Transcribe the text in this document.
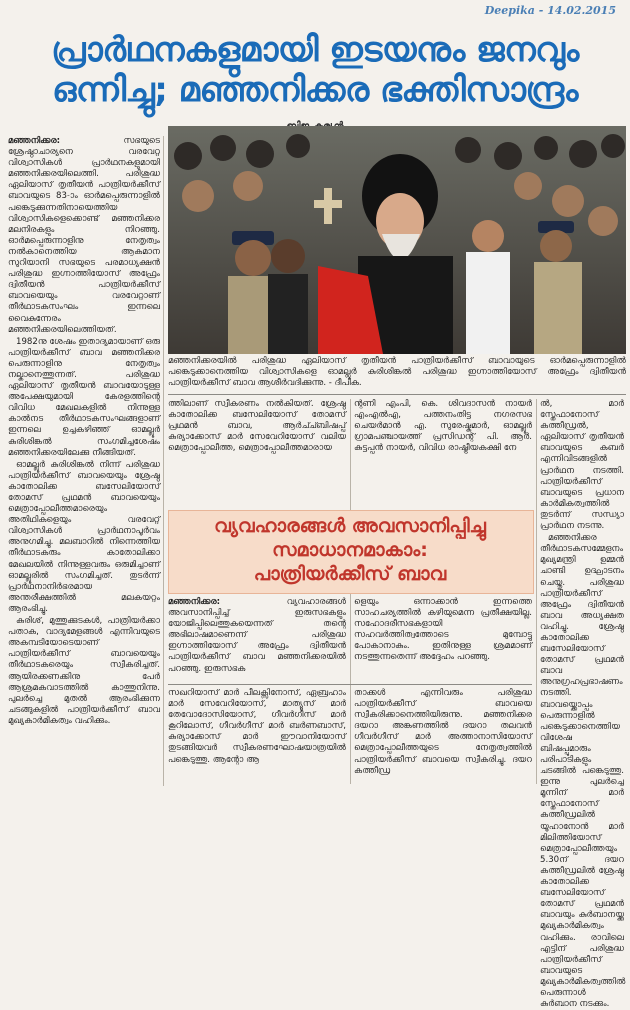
Deepika - 14.02.2015
പ്രാർഥനകളുമായി ഇടയനും ജനവും
ഒന്നിച്ചു; മഞ്ഞനിക്കര ഭക്തിസാന്ദ്രം

മഞ്ഞനിക്കര: സഭയുടെ ശ്രേഷ്ഠാചാര്യനെ വരവേറ്റ വിശ്വാസികൾ പ്രാർഥനകളുമായി മഞ്ഞനിക്കരയിലെത്തി. പരിശുദ്ധ ഏലിയാസ് തൃതീയൻ പാത്രിയർക്കീസ് ബാവയുടെ 83-ാം ഓർമപ്പെരുന്നാളിൽ പങ്കെടുക്കുന്നതിനായെത്തിയ വിശ്വാസികളെക്കൊണ്ട് മഞ്ഞനിക്കര മലനിരകളും നിറഞ്ഞു. ഓർമപ്പെരുന്നാളിനു നേതൃത്വം നൽകാനെത്തിയ ആകമാന സുറിയാനി സഭയുടെ പരമാധ്യക്ഷൻ പരിശുദ്ധ ഇഗ്നാത്തിയോസ് അഫ്രേം ദ്വിതീയൻ പാത്രിയർക്കീസ് ബാവയെയും വരവേറ്റാണ് തീർഥാടകസംഘം ഇന്നലെ വൈകുന്നേരം മഞ്ഞനിക്കരയിലെത്തിയത്.

1982നു ശേഷം ഇതാദ്യമായാണ് ഒരു പാത്രിയർക്കീസ് ബാവ മഞ്ഞനിക്കര പെരുന്നാളിനു നേതൃത്വം നല്കാനെത്തുന്നത്. പരിശുദ്ധ ഏലിയാസ് തൃതീയൻ ബാവയോടുള്ള അപേക്ഷയുമായി കേരളത്തിന്റെ വിവിധ മേഖലകളിൽ നിന്നുള്ള കാൽനട തീർഥാടകസംഘങ്ങളാണ് ഇന്നലെ ഉച്ചകഴിഞ്ഞ് ഓമല്ലൂർ കുരിശിങ്കൽ സംഗമിച്ചശേഷം മഞ്ഞനിക്കരയിലേക്കു നീങ്ങിയത്.

ഓമല്ലൂർ കുരിശിങ്കൽ നിന്ന് പരിശുദ്ധ പാത്രിയർക്കീസ് ബാവയെയും ശ്രേഷ്ഠ കാതോലിക്ക ബസേലിയോസ് തോമസ് പ്രഥമൻ ബാവയെയും മെത്രാപ്പോലീത്തമാരെയും അതിഥികളെയും വരവേറ്റ് വിശ്വാസികൾ പ്രാർഥനാപൂർവം അനുഗമിച്ചു. മലബാറിൽ നിന്നെത്തിയ തീർഥാടകരും കാതോലിക്കാ മേഖലയിൽ നിന്നുള്ളവരും ഒരുമിച്ചാണ് ഓമല്ലൂരിൽ സംഗമിച്ചത്. തുടർന്ന് പ്രാർഥനാനിർഭരമായ അന്തരീക്ഷത്തിൽ മലകയറ്റം ആരംഭിച്ചു.

കുരിശ്, മുത്തുക്കുടകൾ, പാത്രിയർക്കാ പതാക, വാദ്യമേളങ്ങൾ എന്നിവയുടെ അകമ്പടിയോടെയാണ് പാത്രിയർക്കീസ് ബാവയെയും തീർഥാടകരെയും സ്വീകരിച്ചത്. ആയിരക്കണക്കിനു പേർ ആശ്രമകവാടത്തിൽ കാത്തുനിന്നു. പുലർച്ചെ മുതൽ ആരംഭിക്കുന്ന ചടങ്ങുകളിൽ പാത്രിയർക്കീസ് ബാവ മുഖ്യകാർമികത്വം വഹിക്കും.

മഞ്ഞനിക്കരയിൽ പരിശുദ്ധ ഏലിയാസ് തൃതീയൻ പാത്രിയർക്കീസ് ബാവായുടെ ഓർമപ്പെരുന്നാളിൽ പങ്കെടുക്കാനെത്തിയ വിശ്വാസികളെ ഓമല്ലൂർ കുരിശിങ്കൽ പരിശുദ്ധ ഇഗ്നാത്തിയോസ് അഫ്രേം ദ്വിതീയൻ പാത്രിയർക്കീസ് ബാവ ആശീർവദിക്കുന്നു. - ദീപിക.
ത്തിലാണ് സ്വീകരണം നൽകിയത്. ശ്രേഷ്ഠ കാതോലിക്ക ബസേലിയോസ് തോമസ് പ്രഥമൻ ബാവ, ആർച്ച്ബിഷപ്പ് കുര്യാക്കോസ് മാർ സേവേറിയോസ് വലിയ മെത്രാപ്പോലീത്ത, മെത്രാപ്പോലീത്തമാരായ
ന്റണി എംപി, കെ. ശിവദാസൻ നായർ എംഎൽഎ, പത്തനംതിട്ട നഗരസഭ ചെയർമാൻ എ. സുരേഷ്കുമാർ, ഓമല്ലൂർ ഗ്രാമപഞ്ചായത്ത് പ്രസിഡന്റ് പി. ആർ. കുട്ടപ്പൻ നായർ, വിവിധ രാഷ്ട്രീയകക്ഷി നേ
വ്യവഹാരങ്ങൾ അവസാനിപ്പിച്ചു
സമാധാനമാകാം:
പാത്രിയർക്കീസ് ബാവ

മഞ്ഞനിക്കര: വ്യവഹാരങ്ങൾ അവസാനിപ്പിച്ച് ഇരുസഭകളും യോജിപ്പിലെത്തുകയെന്നത് തന്റെ അഭിലാഷമാണെന്ന് പരിശുദ്ധ ഇഗ്നാത്തിയോസ് അഫ്രേം ദ്വിതീയൻ പാത്രിയർക്കീസ് ബാവ മഞ്ഞനിക്കരയിൽ പറഞ്ഞു. ഇരുസഭക

ളെയും ഒന്നാക്കാൻ ഇന്നത്തെ സാഹചര്യത്തിൽ കഴിയുമെന്ന പ്രതീക്ഷയില്ല. സഹോദരീസഭകളായി സഹവർത്തിത്വത്തോടെ മുമ്പോട്ടു പോകാനാകും. ഇതിനുള്ള ശ്രമമാണ് നടത്തുന്നതെന്ന് അദ്ദേഹം പറഞ്ഞു.
സഖറിയാസ് മാർ പീലക്സിനോസ്, ഏബ്രഹാം മാർ സേവേറിയോസ്, മാത്യൂസ് മാർ തേവോദോസിയോസ്, ഗീവർഗീസ് മാർ കൂറിലോസ്, ഗീവർഗീസ് മാർ ബർണബാസ്, കുര്യാക്കോസ് മാർ ഈവാനിയോസ് തുടങ്ങിയവർ സ്വീകരണഘോഷയാത്രയിൽ പങ്കെടുത്തു. ആന്റോ ആ
താക്കൾ എന്നിവരും പരിശുദ്ധ പാത്രിയർക്കീസ് ബാവയെ സ്വീകരിക്കാനെത്തിയിരുന്നു. മഞ്ഞനിക്കര ദയറാ അങ്കണത്തിൽ ദയറാ തലവൻ ഗീവർഗീസ് മാർ അത്താനാസിയോസ് മെത്രാപ്പോലീത്തയുടെ നേതൃത്വത്തിൽ പാത്രിയർക്കീസ് ബാവയെ സ്വീകരിച്ചു. ദയറ കത്തീഡ്ര

ൽ, മാർ സ്തേഫാനോസ് കത്തീഡ്രൽ, ഏലിയാസ് തൃതീയൻ ബാവയുടെ കബർ എന്നിവിടങ്ങളിൽ പ്രാർഥന നടത്തി. പാത്രിയർക്കീസ് ബാവയുടെ പ്രധാന കാർമികത്വത്തിൽ തുടർന്ന് സന്ധ്യാ പ്രാർഥന നടന്നു.

മഞ്ഞനിക്കര തീർഥാടകസമ്മേളനം മുഖ്യമന്ത്രി ഉമ്മൻ ചാണ്ടി ഉദ്ഘാടനം ചെയ്തു. പരിശുദ്ധ പാത്രിയർക്കീസ് അഫ്രേം ദ്വിതീയൻ ബാവ അധ്യക്ഷത വഹിച്ചു. ശ്രേഷ്ഠ കാതോലിക്ക ബസേലിയോസ് തോമസ് പ്രഥമൻ ബാവ അനുഗ്രഹപ്രഭാഷണം നടത്തി. ബാവയ്ക്കൊപ്പം പെരുന്നാളിൽ പങ്കെടുക്കാനെത്തിയ വിശേഷ ബിഷപ്പുമാരും പരിപാടികളും ചടങ്ങിൽ പങ്കെടുത്തു. ഇന്നു പുലർച്ചെ മൂന്നിന് മാർ സ്തേഫാനോസ് കത്തീഡ്രലിൽ യൂഹാനോൻ മാർ മിലിത്തിയോസ് മെത്രാപ്പോലീത്തയും 5.30ന് ദയറ കത്തീഡ്രലിൽ ശ്രേഷ്ഠ കാതോലിക്ക ബസേലിയോസ് തോമസ് പ്രഥമൻ ബാവയും കുർബാനയ്ക്കു മുഖ്യകാർമികത്വം വഹിക്കും. രാവിലെ എട്ടിന് പരിശുദ്ധ പാത്രിയർക്കീസ് ബാവയുടെ മുഖ്യകാർമികത്വത്തിൽ പെരുന്നാൾ കുർബാന നടക്കും.
